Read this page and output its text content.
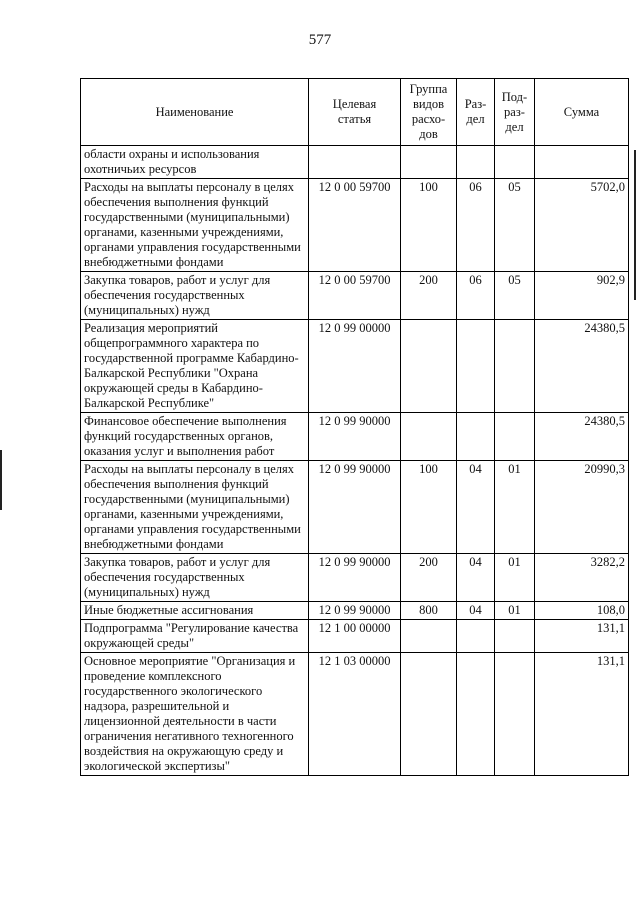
577
Наименование	Целевая статья	Группа видов расхо-дов	Раз-дел	Под-раз-дел	Сумма
области охраны и использования охотничьих ресурсов					
Расходы на выплаты персоналу в целях обеспечения выполнения функций государственными (муниципальными) органами, казенными учреждениями, органами управления государственными внебюджетными фондами	12 0 00 59700	100	06	05	5702,0
Закупка товаров, работ и услуг для обеспечения государственных (муниципальных) нужд	12 0 00 59700	200	06	05	902,9
Реализация мероприятий общепрограммного характера по государственной программе Кабардино-Балкарской Республики "Охрана окружающей среды в Кабардино-Балкарской Республике"	12 0 99 00000				24380,5
Финансовое обеспечение выполнения функций государственных органов, оказания услуг и выполнения работ	12 0 99 90000				24380,5
Расходы на выплаты персоналу в целях обеспечения выполнения функций государственными (муниципальными) органами, казенными учреждениями, органами управления государственными внебюджетными фондами	12 0 99 90000	100	04	01	20990,3
Закупка товаров, работ и услуг для обеспечения государственных (муниципальных) нужд	12 0 99 90000	200	04	01	3282,2
Иные бюджетные ассигнования	12 0 99 90000	800	04	01	108,0
Подпрограмма "Регулирование качества окружающей среды"	12 1 00 00000				131,1
Основное мероприятие "Организация и проведение комплексного государственного экологического надзора, разрешительной и лицензионной деятельности в части ограничения негативного техногенного воздействия на окружающую среду и экологической экспертизы"	12 1 03 00000				131,1
